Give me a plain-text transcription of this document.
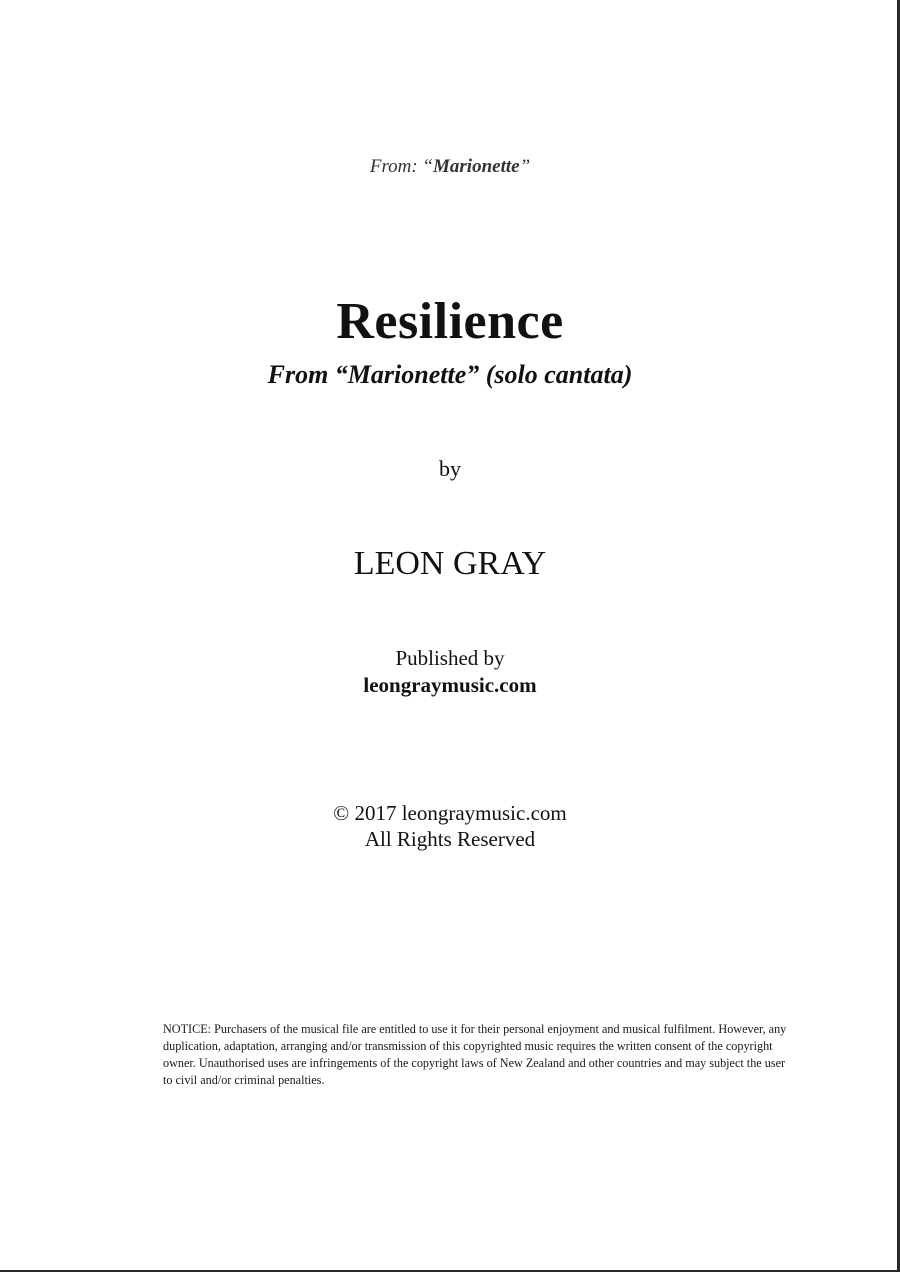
From: “Marionette”
Resilience
From “Marionette” (solo cantata)
by
LEON GRAY
Published by
leongraymusic.com
© 2017 leongraymusic.com
All Rights Reserved
NOTICE: Purchasers of the musical file are entitled to use it for their personal enjoyment and musical fulfilment. However, any duplication, adaptation, arranging and/or transmission of this copyrighted music requires the written consent of the copyright owner. Unauthorised uses are infringements of the copyright laws of New Zealand and other countries and may subject the user to civil and/or criminal penalties.
